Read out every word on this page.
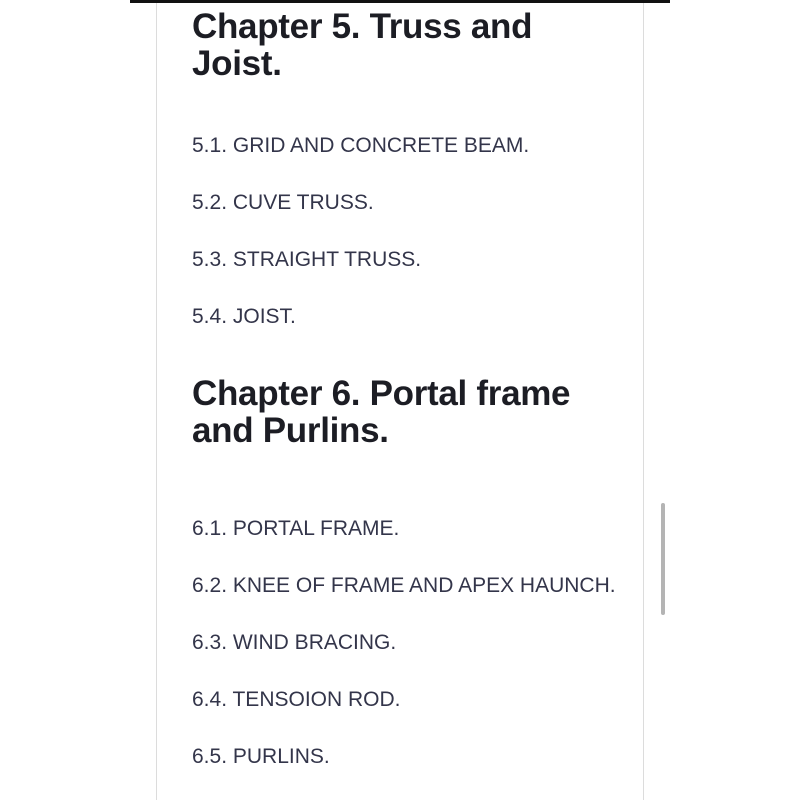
Chapter 5. Truss and Joist.
5.1. GRID AND CONCRETE BEAM.
5.2. CUVE TRUSS.
5.3. STRAIGHT TRUSS.
5.4. JOIST.
Chapter 6. Portal frame and Purlins.
6.1. PORTAL FRAME.
6.2. KNEE OF FRAME AND APEX HAUNCH.
6.3. WIND BRACING.
6.4. TENSOION ROD.
6.5. PURLINS.
